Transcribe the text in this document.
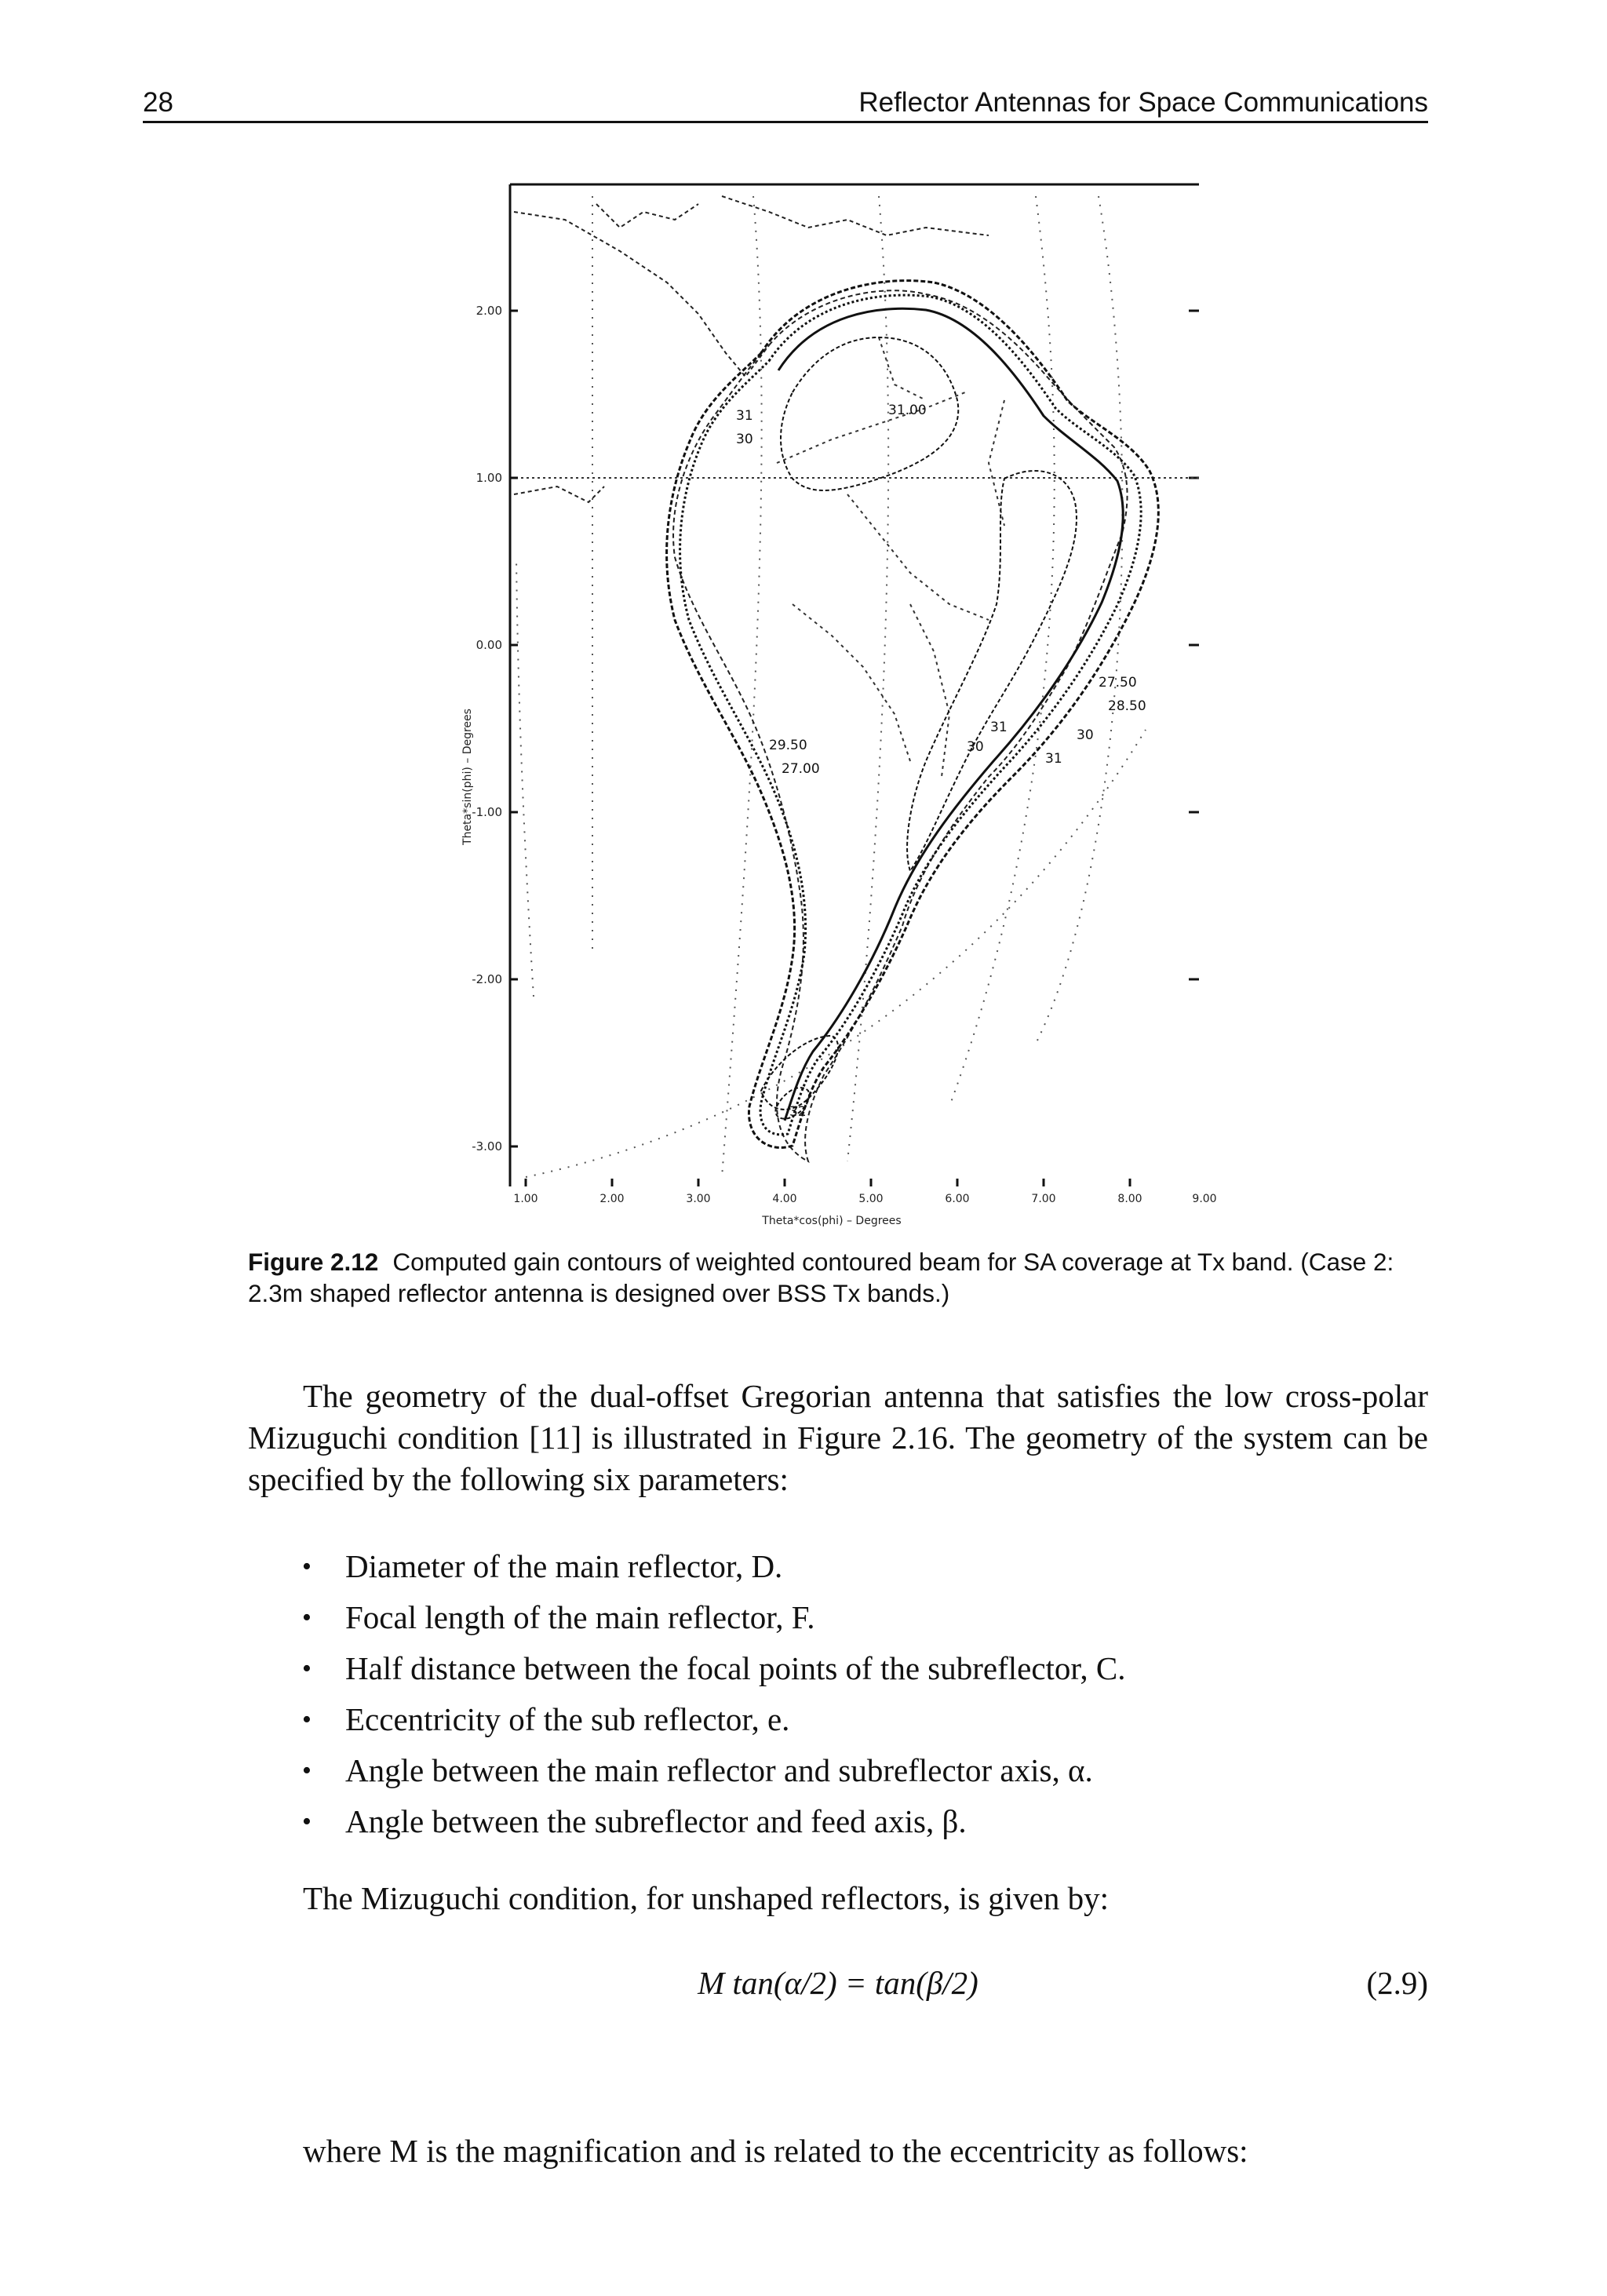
28	Reflector Antennas for Space Communications
31
30
31.00
27.50
28.50
30
31
30
31
29.50
27.00
32
2.00
1.00
0.00
-1.00
-2.00
-3.00
1.00	2.00	3.00	4.00	5.00	6.00	7.00	8.00	9.00
Theta*cos(phi) – Degrees
Theta*sin(phi) – Degrees
Figure 2.12 Computed gain contours of weighted contoured beam for SA coverage at Tx band. (Case 2: 2.3m shaped reflector antenna is designed over BSS Tx bands.)
The geometry of the dual-offset Gregorian antenna that satisfies the low cross-polar Mizuguchi condition [11] is illustrated in Figure 2.16. The geometry of the system can be specified by the following six parameters:
• Diameter of the main reflector, D.
• Focal length of the main reflector, F.
• Half distance between the focal points of the subreflector, C.
• Eccentricity of the sub reflector, e.
• Angle between the main reflector and subreflector axis, α.
• Angle between the subreflector and feed axis, β.
The Mizuguchi condition, for unshaped reflectors, is given by:
M tan(α/2) = tan(β/2)	(2.9)
where M is the magnification and is related to the eccentricity as follows:
